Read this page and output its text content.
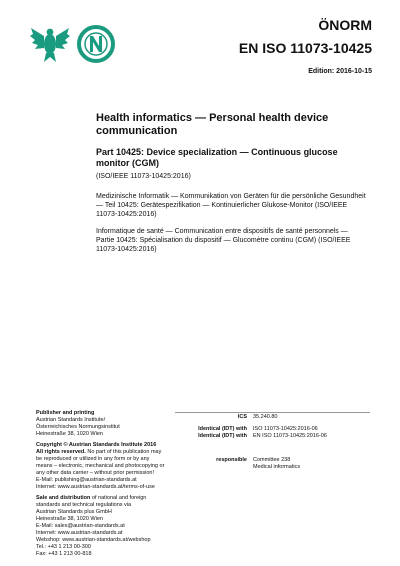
ÖNORM
EN ISO 11073-10425
Edition: 2016-10-15
Health informatics — Personal health device communication
Part 10425: Device specialization — Continuous glucose monitor (CGM)
(ISO/IEEE 11073-10425:2016)
Medizinische Informatik — Kommunikation von Geräten für die persönliche Gesundheit — Teil 10425: Gerätespezifikation — Kontinuierlicher Glukose-Monitor (ISO/IEEE 11073-10425:2016)
Informatique de santé — Communication entre dispositifs de santé personnels — Partie 10425: Spécialisation du dispositif — Glucomètre continu (CGM) (ISO/IEEE 11073-10425:2016)
Publisher and printing
Austrian Standards Institute/
Österreichisches Normungsinstitut
Heinestraße 38, 1020 Wien
Copyright © Austrian Standards Institute 2016
All rights reserved. No part of this publication may be reproduced or utilized in any form or by any means – electronic, mechanical and photocopying or any other data carrier – without prior permission!
E-Mail: publishing@austrian-standards.at
Internet: www.austrian-standards.at/terms-of-use
Sale and distribution of national and foreign standards and technical regulations via
Austrian Standards plus GmbH
Heinestraße 38, 1020 Wien
E-Mail: sales@austrian-standards.at
Internet: www.austrian-standards.at
Webshop: www.austrian-standards.at/webshop
Tel.: +43 1 213 00-300
Fax: +43 1 213 00-818
ICS 35.240.80
Identical (IDT) with ISO 11073-10425:2016-06
Identical (IDT) with EN ISO 11073-10425:2016-06
responsible Committee 238
Medical informatics
